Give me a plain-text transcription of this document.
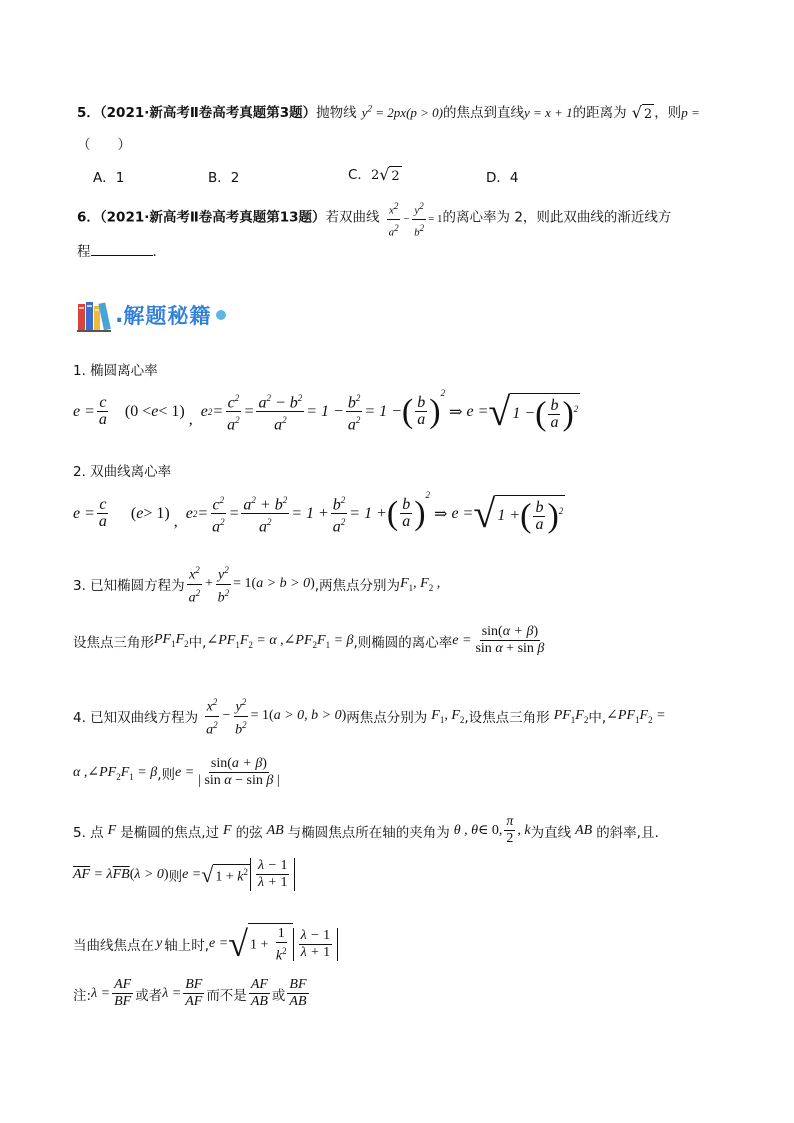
5．（2021·新高考Ⅱ卷高考真题第3题）抛物线 $y^2 = 2px(p > 0)$的焦点到直线y = x + 1的距离为 √ 2 ，则p =
（　　）
A．1	B．2	C．2√ 2	D．4
6．（2021·新高考Ⅱ卷高考真题第13题）若双曲线 $\frac{x^2}{a^2} - \frac{y^2}{b^2} = 1$的离心率为 2，则此双曲线的渐近线方
程	.
. 解题秘籍
1. 椭圆离心率
$e = \frac{c}{a} (0 < e < 1)$ , $e^2 = \frac{c^2}{a^2} = \frac{a^2 - b^2}{a^2} = 1 - \frac{b^2}{a^2} = 1$ − ( $\frac{b}{a}$ ) 2
⇒ e = √ 1 −( $\frac{b}{a} )^2$
2. 双曲线离心率
$e = \frac{c}{a}$ ( e > 1) , $e^2 = \frac{c^2}{a^2} = \frac{a^2 + b^2}{a^2} = 1 + \frac{b^2}{a^2} = 1$ + ( $\frac{b}{a}$ ) 2
⇒ e = √ 1 +( $\frac{b}{a} )^2$
3. 已知椭圆方程为 $\frac{x^2}{a^2} + \frac{y^2}{b^2} = 1$( a > b > 0 ) ,两焦点分别为 $F_1$, $F_2$ ,
设焦点三角形 $PF_1F_2$ 中, $\angle PF_1F_2 = \alpha$ $,\angle PF_2F_1 = \beta$ ,则椭圆的离心率 $e = \frac{\sin(\alpha + \beta)}{\text{sin α + sin β}}$
4. 已知双曲线方程为 $\frac{x^2}{a^2} - \frac{y^2}{b^2} = 1$( a > 0, b > 0 ) 两焦点分别为 $F_1$, $F_2$ ,设焦点三角形 $PF_1F_2$ 中, $\angle PF_1F_2$ =
α $,\angle PF_2F_1 = \beta$ ,则 $e = \frac{\sin(a + \beta)}{\text{| sin α − sin β |}}$
5. 点 F 是椭圆的焦点,过 F 的弦 AB 与椭圆焦点所在轴的夹角为 θ , θ ∈ 0, $\frac{\pi}{2}$ , k 为直线 AB 的斜率,且.
$\overline{AF} = \lambda\overline{FB}(\lambda > 0)$ 则 e = √ $1 + k^2 \frac{\lambda - 1}{\lambda + 1}$
当曲线焦点在 y 轴上时, e = √ $1 + \frac{1}{k^2} \frac{\lambda - 1}{\lambda + 1}$
注: $\lambda = \frac{AF}{BF}$ 或者 $\lambda = \frac{BF}{AF}$ 而不是 $\frac{AF}{AB}$ 或 $\frac{BF}{AB}$
